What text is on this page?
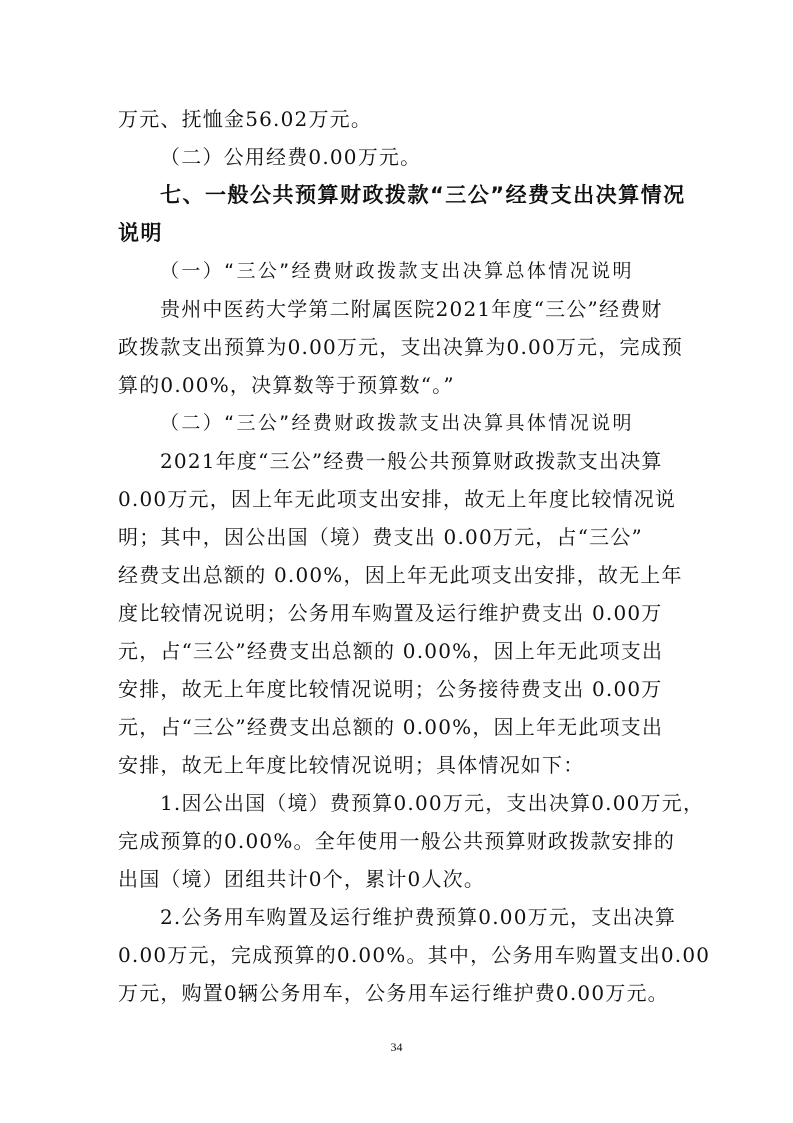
万元、抚恤金56.02万元。
（二）公用经费0.00万元。
七、一般公共预算财政拨款“三公”经费支出决算情况
说明
（一）“三公”经费财政拨款支出决算总体情况说明
贵州中医药大学第二附属医院2021年度“三公”经费财
政拨款支出预算为0.00万元，支出决算为0.00万元，完成预
算的0.00%，决算数等于预算数“。”
（二）“三公”经费财政拨款支出决算具体情况说明
2021年度“三公”经费一般公共预算财政拨款支出决算
0.00万元，因上年无此项支出安排，故无上年度比较情况说
明；其中，因公出国（境）费支出 0.00万元，占“三公”
经费支出总额的 0.00%，因上年无此项支出安排，故无上年
度比较情况说明；公务用车购置及运行维护费支出 0.00万
元，占“三公”经费支出总额的 0.00%，因上年无此项支出
安排，故无上年度比较情况说明；公务接待费支出 0.00万
元，占“三公”经费支出总额的 0.00%，因上年无此项支出
安排，故无上年度比较情况说明；具体情况如下：
1.因公出国（境）费预算0.00万元，支出决算0.00万元，
完成预算的0.00%。全年使用一般公共预算财政拨款安排的
出国（境）团组共计0个，累计0人次。
2.公务用车购置及运行维护费预算0.00万元，支出决算
0.00万元，完成预算的0.00%。其中，公务用车购置支出0.00
万元，购置0辆公务用车，公务用车运行维护费0.00万元。
34
